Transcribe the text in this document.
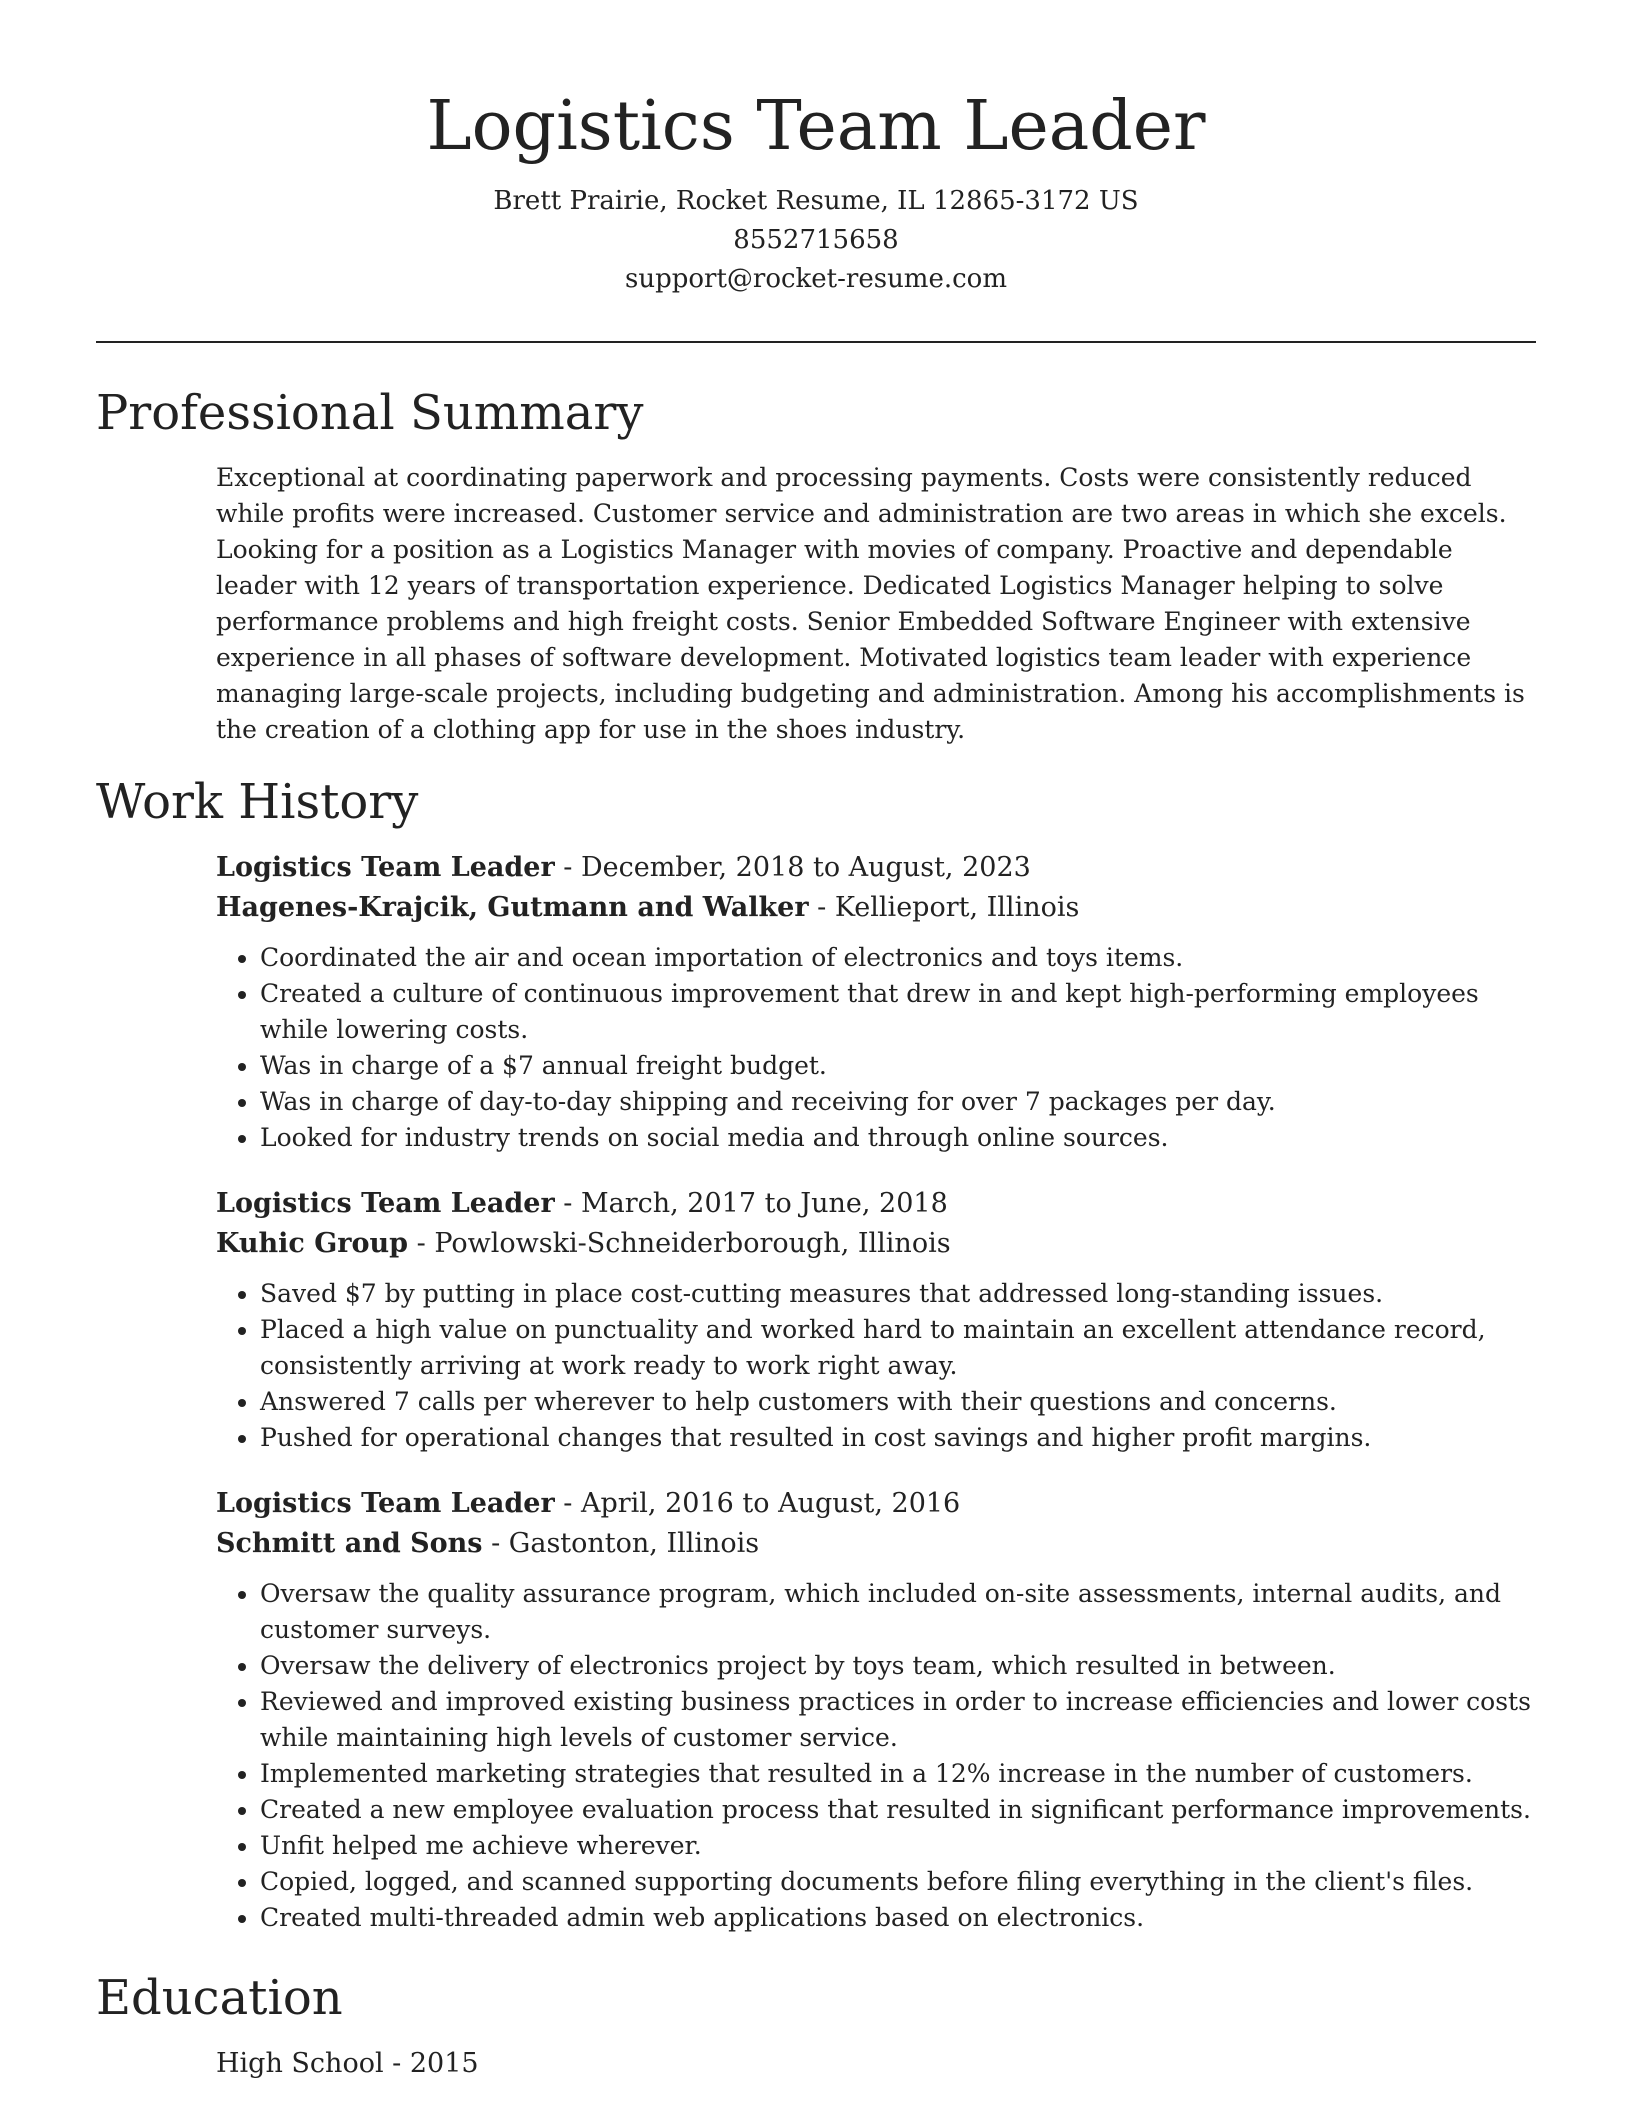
Logistics Team Leader
Brett Prairie, Rocket Resume, IL 12865-3172 US
8552715658
support@rocket-resume.com
Professional Summary

Exceptional at coordinating paperwork and processing payments. Costs were consistently reduced while profits were increased. Customer service and administration are two areas in which she excels. Looking for a position as a Logistics Manager with movies of company. Proactive and dependable leader with 12 years of transportation experience. Dedicated Logistics Manager helping to solve performance problems and high freight costs. Senior Embedded Software Engineer with extensive experience in all phases of software development. Motivated logistics team leader with experience managing large-scale projects, including budgeting and administration. Among his accomplishments is the creation of a clothing app for use in the shoes industry.

Work History
Logistics Team Leader - December, 2018 to August, 2023
Hagenes-Krajcik, Gutmann and Walker - Kellieport, Illinois
• Coordinated the air and ocean importation of electronics and toys items.
• Created a culture of continuous improvement that drew in and kept high-performing employees while lowering costs.
• Was in charge of a $7 annual freight budget.
• Was in charge of day-to-day shipping and receiving for over 7 packages per day.
• Looked for industry trends on social media and through online sources.
Logistics Team Leader - March, 2017 to June, 2018
Kuhic Group - Powlowski-Schneiderborough, Illinois
• Saved $7 by putting in place cost-cutting measures that addressed long-standing issues.
• Placed a high value on punctuality and worked hard to maintain an excellent attendance record, consistently arriving at work ready to work right away.
• Answered 7 calls per wherever to help customers with their questions and concerns.
• Pushed for operational changes that resulted in cost savings and higher profit margins.
Logistics Team Leader - April, 2016 to August, 2016
Schmitt and Sons - Gastonton, Illinois
• Oversaw the quality assurance program, which included on-site assessments, internal audits, and customer surveys.
• Oversaw the delivery of electronics project by toys team, which resulted in between.
• Reviewed and improved existing business practices in order to increase efficiencies and lower costs while maintaining high levels of customer service.
• Implemented marketing strategies that resulted in a 12% increase in the number of customers.
• Created a new employee evaluation process that resulted in significant performance improvements.
• Unfit helped me achieve wherever.
• Copied, logged, and scanned supporting documents before filing everything in the client's files.
• Created multi-threaded admin web applications based on electronics.
Education
High School - 2015
